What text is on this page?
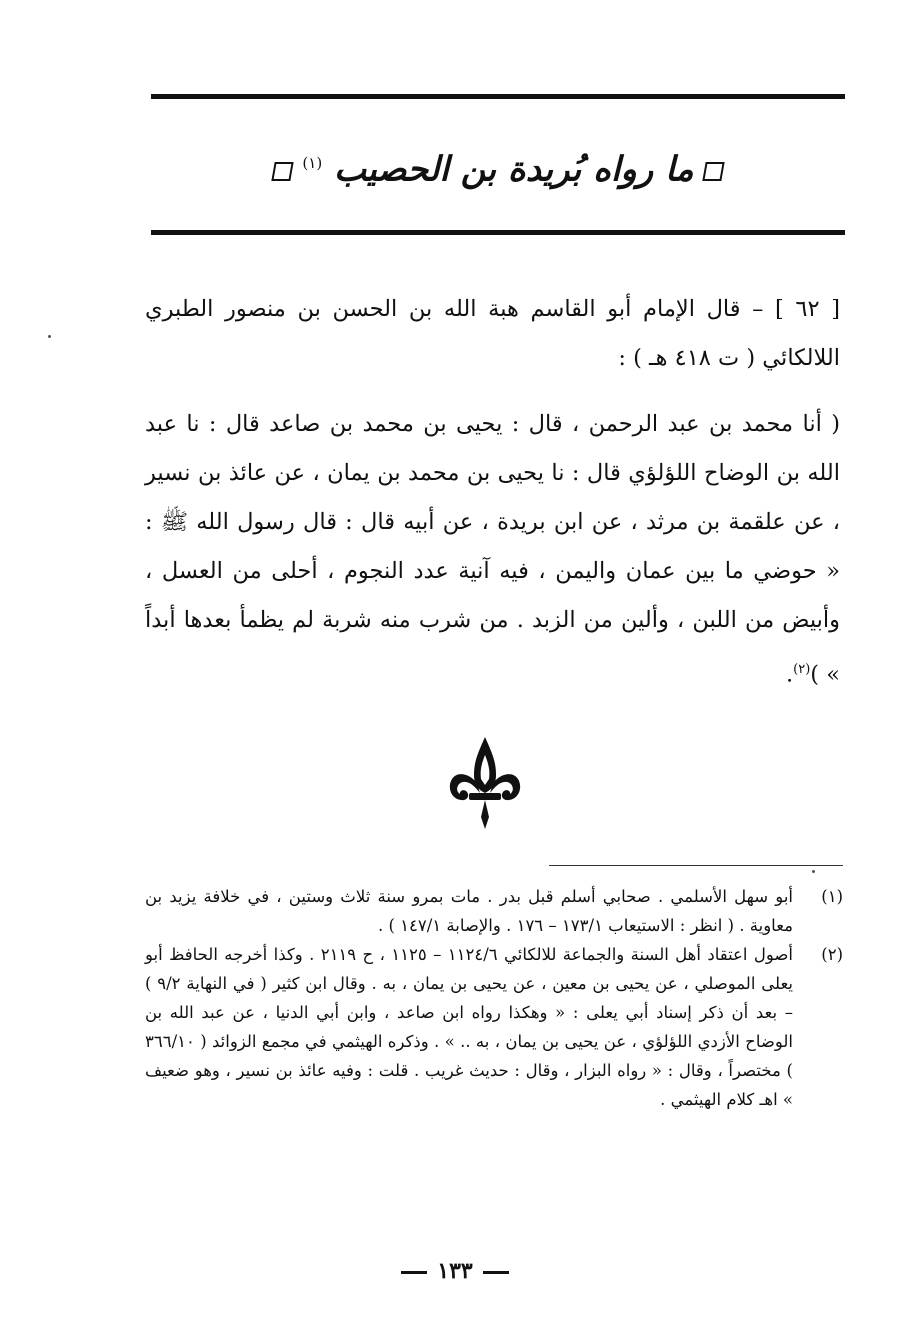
ما رواه بُريدة بن الحصيب $^{(١)}$
[ ٦٢ ] – قال الإمام أبو القاسم هبة الله بن الحسن بن منصور الطبري اللالكائي ( ت ٤١٨ هـ ) :
( أنا محمد بن عبد الرحمن ، قال : يحيى بن محمد بن صاعد قال : نا عبد الله بن الوضاح اللؤلؤي قال : نا يحيى بن محمد بن يمان ، عن عائذ بن نسير ، عن علقمة بن مرثد ، عن ابن بريدة ، عن أبيه قال : قال رسول الله ﷺ : « حوضي ما بين عمان واليمن ، فيه آنية عدد النجوم ، أحلى من العسل ، وأبيض من اللبن ، وألين من الزبد . من شرب منه شربة لم يظمأ بعدها أبداً » )$^{(٢)}$.
(١)
أبو سهل الأسلمي . صحابي أسلم قبل بدر . مات بمرو سنة ثلاث وستين ، في خلافة يزيد بن معاوية . ( انظر : الاستيعاب ١٧٣/١ – ١٧٦ . والإصابة ١٤٧/١ ) .
(٢)
أصول اعتقاد أهل السنة والجماعة للالكائي ١١٢٤/٦ – ١١٢٥ ، ح ٢١١٩ . وكذا أخرجه الحافظ أبو يعلى الموصلي ، عن يحيى بن معين ، عن يحيى بن يمان ، به . وقال ابن كثير ( في النهاية ٩/٢ ) – بعد أن ذكر إسناد أبي يعلى : « وهكذا رواه ابن صاعد ، وابن أبي الدنيا ، عن عبد الله بن الوضاح الأزدي اللؤلؤي ، عن يحيى بن يمان ، به .. » . وذكره الهيثمي في مجمع الزوائد ( ٣٦٦/١٠ ) مختصراً ، وقال : « رواه البزار ، وقال : حديث غريب . قلت : وفيه عائذ بن نسير ، وهو ضعيف » اهـ كلام الهيثمي .
١٣٣
